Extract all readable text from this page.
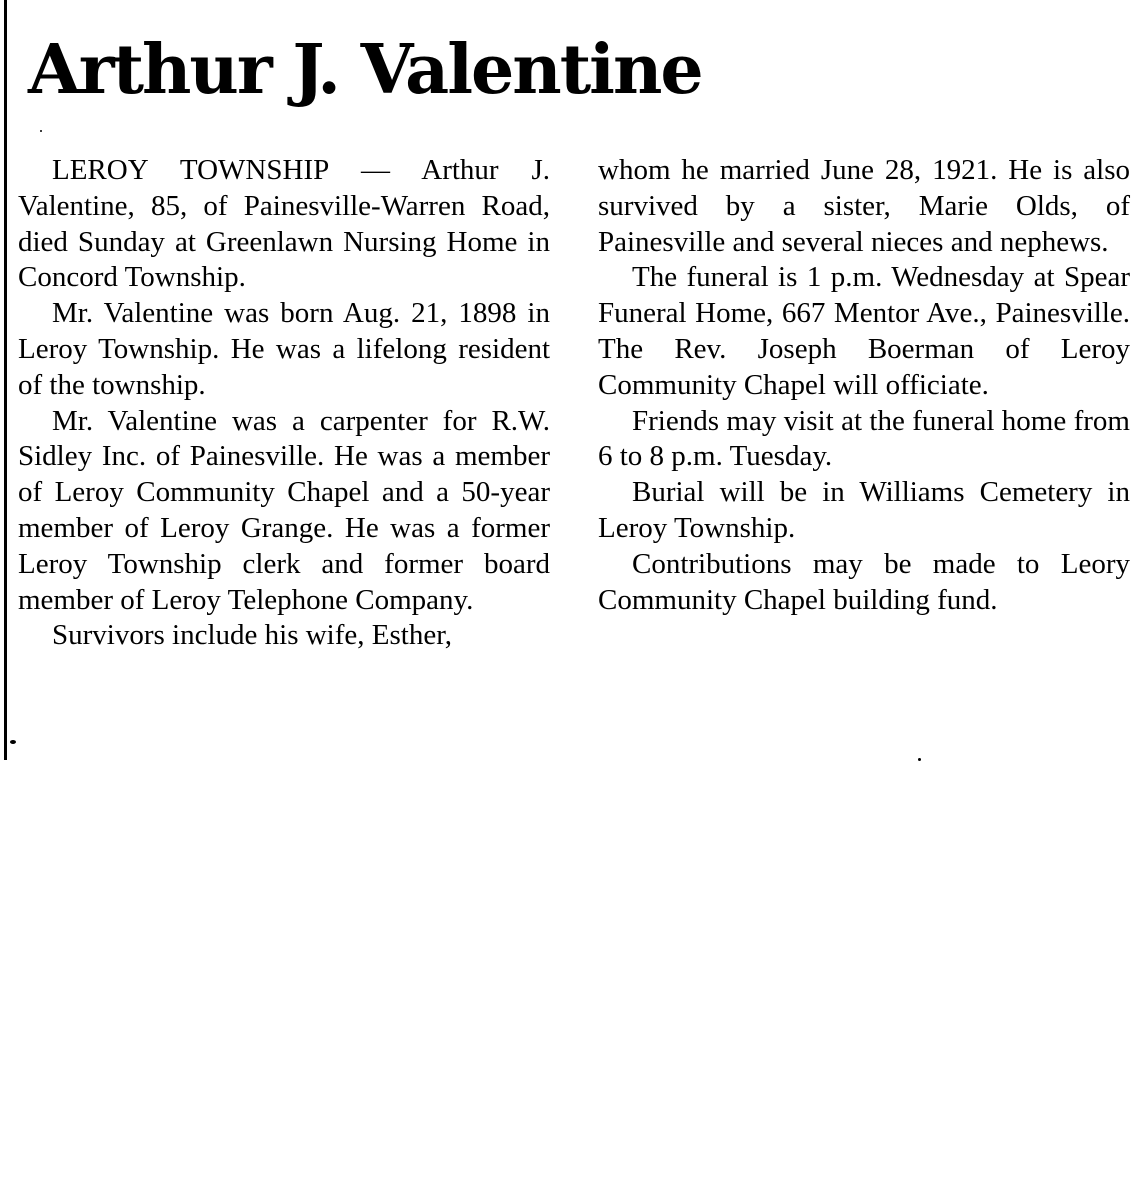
Arthur J. Valentine

LEROY TOWNSHIP — Arthur J. Valentine, 85, of Painesville-Warren Road, died Sunday at Greenlawn Nursing Home in Concord Township.

Mr. Valentine was born Aug. 21, 1898 in Leroy Township. He was a lifelong resident of the township.

Mr. Valentine was a carpenter for R.W. Sidley Inc. of Painesville. He was a member of Leroy Community Chapel and a 50-year member of Leroy Grange. He was a former Leroy Township clerk and former board member of Leroy Telephone Company.

Survivors include his wife, Esther,

whom he married June 28, 1921. He is also survived by a sister, Marie Olds, of Painesville and several nieces and nephews.

The funeral is 1 p.m. Wednesday at Spear Funeral Home, 667 Mentor Ave., Painesville. The Rev. Joseph Boerman of Leroy Community Chapel will officiate.

Friends may visit at the funeral home from 6 to 8 p.m. Tuesday.

Burial will be in Williams Cemetery in Leroy Township.

Contributions may be made to Leory Community Chapel building fund.
